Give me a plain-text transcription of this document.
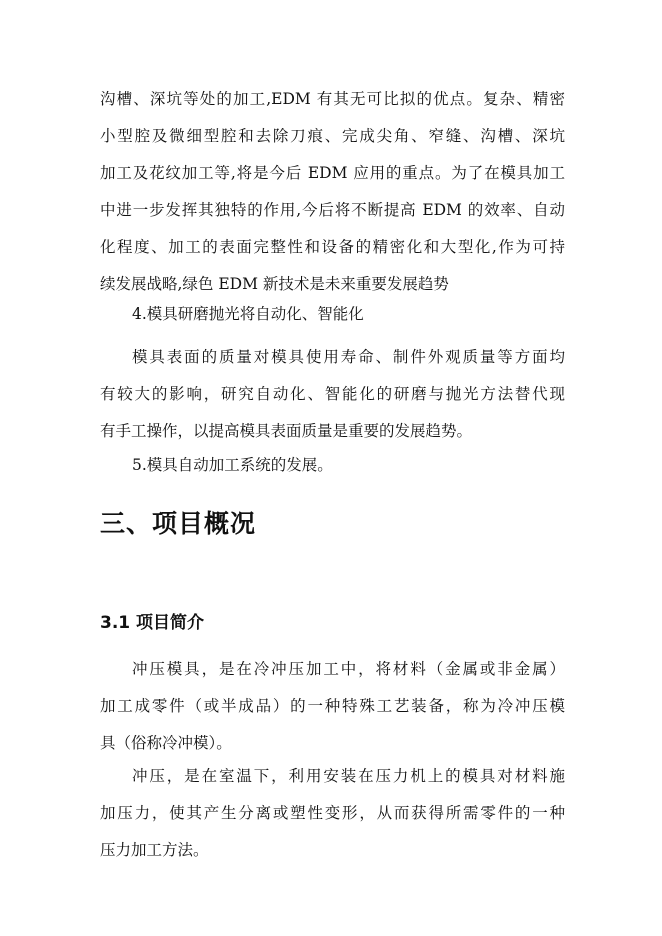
沟槽、深坑等处的加工,EDM 有其无可比拟的优点。复杂、精密
小型腔及微细型腔和去除刀痕、完成尖角、窄缝、沟槽、深坑
加工及花纹加工等,将是今后 EDM 应用的重点。为了在模具加工
中进一步发挥其独特的作用,今后将不断提高 EDM 的效率、自动
化程度、加工的表面完整性和设备的精密化和大型化,作为可持
续发展战略,绿色 EDM 新技术是未来重要发展趋势
4.模具研磨抛光将自动化、智能化
模具表面的质量对模具使用寿命、制件外观质量等方面均
有较大的影响，研究自动化、智能化的研磨与抛光方法替代现
有手工操作，以提高模具表面质量是重要的发展趋势。
5.模具自动加工系统的发展。
三、项目概况
3.1 项目简介
冲压模具，是在冷冲压加工中，将材料（金属或非金属）
加工成零件（或半成品）的一种特殊工艺装备，称为冷冲压模
具（俗称冷冲模）。
冲压，是在室温下，利用安装在压力机上的模具对材料施
加压力，使其产生分离或塑性变形，从而获得所需零件的一种
压力加工方法。
